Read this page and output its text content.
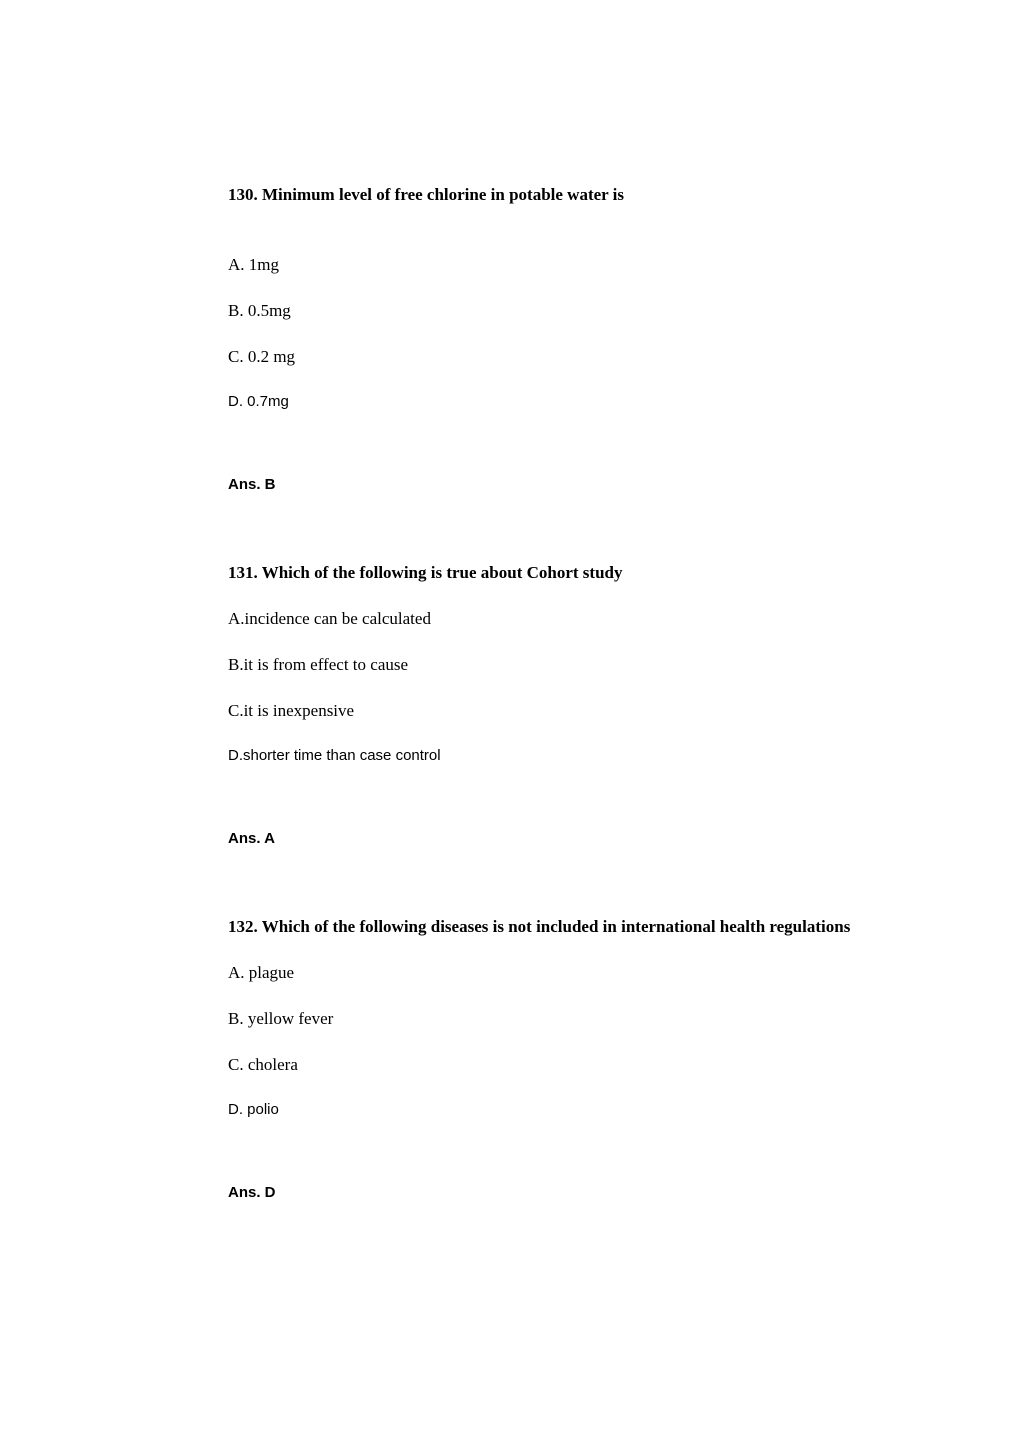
130. Minimum level of free chlorine in potable water is

A. 1mg

B. 0.5mg

C. 0.2 mg

D. 0.7mg

Ans. B

131. Which of the following is true about Cohort study

A.incidence can be calculated

B.it is from effect to cause

C.it is inexpensive

D.shorter time than case control

Ans. A

132. Which of the following diseases is not included in international health regulations

A. plague

B. yellow fever

C. cholera

D. polio

Ans. D
